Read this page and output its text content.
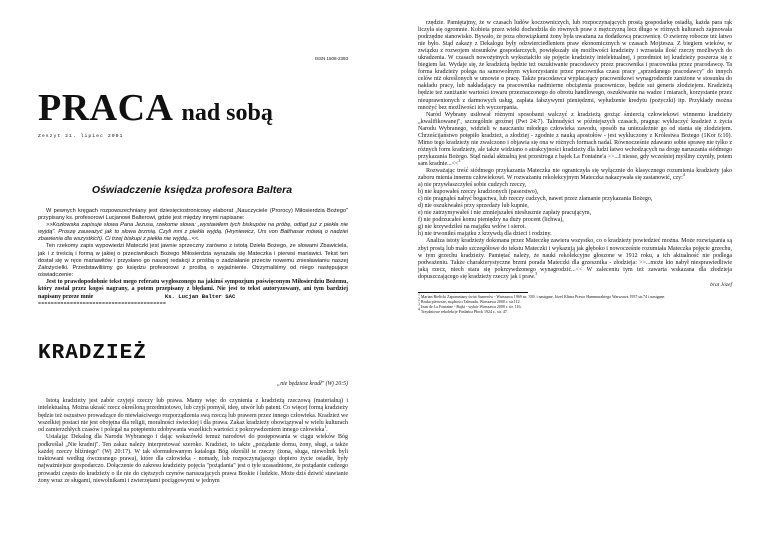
ISSN 1508-2393
PRACA nad sobą
Zeszyt 21. lipiec 2001
Oświadczenie księdza profesora Baltera

W pewnych kręgach rozpowszechniany jest dziesięciostronicowy elaborat „Nauczyciele (Prorocy) Miłosierdzia Bożego" przypisany ks. profesorowi Lucjanowi Balterowi, gdzie jest między innymi napisane:

>>Kozłowska zapisuje słowa Pana Jezusa, rzekome słowa: „wystawiłem tych biskupów na próbę, odtąd już z piekła nie wyjdą". Proszę zauważyć jak to słowa brzmią. Czyli inni z piekła wyjdą. (Hryniewicz, Urs von Balthasar mówią o nadziei zbawienia dla wszystkich). Ci trzej biskupi z piekła nie wyjdą...<<.

Ten rzekomy zapis wypowiedzi Mateczki jest jawnie sprzeczny zarówno z istotą Dzieła Bożego, ze słowami Zbawiciela, jak i z treścią i formą w jakiej o przeciwnikach Bożego Miłosierdzia wyrażała się Mateczka i pierwsi mariawici. Tekst ten dostał się w ręce mariawitów i przysłano go naszej redakcji z prośbą o zadziałanie przeciw nowemu zniesławianiu naszej Założycielki. Przedstawiliśmy go księdzu profesorowi z prośbą o wyjaśnienie. Otrzymaliśmy od niego następujące oświadczenie:

Jest to prawdopodobnie tekst mego referatu wygłoszonego na jakimś sympozjum poświęconym Miłosierdziu Bożemu, który został przez kogoś nagrany, a potem przepisany z błędami. Nie jest to tekst autoryzowany, ani tym bardziej napisany przeze mnie	Ks. Lucjan Balter SAC

========================================
KRADZIEŻ
„nie będziesz kradł" (Wj 20:5)

Istotą kradzieży jest zabór czyjejś rzeczy lub prawa. Mamy więc do czynienia z kradzieżą rzeczową (materialną) i intelektualną. Można ukraść rzecz określoną przedmiotowo, lub czyjś pomysł, ideę, utwór lub patent. Co więcej formą kradzieży będzie też oszustwo prowadzące do niewłaściwego rozporządzenia swą rzeczą lub prawem przez innego człowieka. Kradzież we wszelkiej postaci nie jest obojętna dla religii, moralności świeckiej i dla prawa. Zakaz kradzieży obowiązywał w wielu kulturach od zamierzchłych czasów i polegał na potępieniu zdobywania wszelkich wartości z pokrzywdzeniem innego człowieka$^1$.

Ustalając Dekalog dla Narodu Wybranego i dając wskazówki temuż narodowi do postępowania w ciągu wieków Bóg podkreślał „Nie kradnij". Ten zakaz należy interpretować szeroko. Kradzież, to także „pożądanie domu, żony, sługi, a także każdej rzeczy bliźniego" (Wj 20:17). W tak sformułowanym katalogu Bóg określił te rzeczy (żona, sługa, niewolnik byli traktowani według ówczesnego prawa), które dla człowieka - nomady, lub rozpoczynającego dopiero życie osiadłe, były najważniejsze gospodarczo. Dołączenie do zakresu kradzieży pojęcia "pożądania" jest o tyle uzasadnione, że pożądanie cudzego prowadzi często do kradzieży o ile nie do cięższych czynów naruszających prawa Boskie i ludzkie. Może dziś dziwić stawianie żony wraz ze sługami, niewolnikami i zwierzętami pociągowymi w jednym

rzędzie. Pamiętajmy, że w czasach ludów koczowniczych, lub rozpoczynających prostą gospodarkę osiadłą, każda para rąk liczyła się ogromnie. Kobieta przez wieki dochodziła do równych praw z mężczyzną lecz długo w różnych kulturach zajmowała podrzędne stanowisko. Bywało, że poza obowiązkami żony była uważana za dodatkową pracownicę. O zwierzę robocze też łatwo nie było. Stąd zakazy z Dekalogu były odzwierciedleniem praw ekonomicznych w czasach Mojżesza. Z biegiem wieków, w związku z rozwojem stosunków gospodarczych, powiększały się możliwości kradzieży i wzrastała ilość rzeczy możliwych do ukradzenia. W czasach nowożytnych wykształciło się pojęcie kradzieży intelektualnej, i przedmiot tej kradzieży poszerza się z biegiem lat. Wydaje się, że kradzieżą będzie też oszukiwanie pracodawcy przez pracownika i pracownika przez pracodawcę. Ta forma kradzieży polega na samowolnym wykorzystaniu przez pracownika czasu pracy „sprzedanego pracodawcy" do innych celów niż określonych w umowie o pracę. Także pracodawca wypłacający pracownikowi wynagrodzenie zaniżone w stosunku do nakładu pracy, lub nakładający na pracownika nadmierne obciążenia pracownicze, będzie sui generis złodziejem. Kradzieżą będzie też zaniżanie wartości towaru przeznaczonego do obrotu handlowego, oszukiwanie na wadze i miarach, korzystanie przez nieuprawnionych z darmowych usług, zapłata fałszywymi pieniędzmi, wyłudzenie kredytu (pożyczki) itp. Przykłady można mnożyć bez możliwości ich wyczerpania.

Naród Wybrany usiłował różnymi sposobami walczyć z kradzieżą grożąc śmiercią człowiekowi winnemu kradzieży „kwalifikowanej", szczególnie groźnej (Pwt 24:7). Talmudyści w późniejszych czasach, pragnąc wykluczyć kradzież z życia Narodu Wybranego, widzieli w nauczaniu młodego człowieka zawodu, sposób na uniezależnie go od stania się złodziejem. Chrześcijaństwo potępiło kradzież, a złodziej - zgodnie z nauką apostołów - jest wykluczony z Królestwa Bożego (1Kor 6:10). Mimo tego kradzieży nie zwalczono i objawia się ona w różnych formach nadal. Równocześnie zdawano sobie sprawę nie tylko z różnych form kradzieży, ale także widziano o atrakcyjności kradzieży dla ludzi łatwo wchodzących na drogę naruszania siódmego przykazania Bożego. Stąd nadal aktualną jest przestroga z bajek La Fontaine'a >>...I niesse, gdy wcześniej myśliny czyniły, potem sam kradnie...<<$^3$

Rozważając treść siódmego przykazania Mateczka nie ograniczyła się wyłącznie do klasycznego rozumienia kradzieży jako zaboru mienia innemu człowiekowi. W rozważaniu rekolekcyjnym Mateczka nakazywała się zastanowić, czy:$^4$

a) nie przywłaszczyłeś sobie cudzych rzeczy,

b) nie kupowałeś rzeczy kradzionych (paserstwo),

c) nie pragnąłeś nabyć bogactwa, lub rzeczy cudzych, nawet przez złamanie przykazania Bożego,

d) nie oszukiwałeś przy sprzedaży lub kupnie,

e) nie zatrzymywałeś i nie zmniejszałeś niesłusznie zapłaty pracującym,

f) nie podrzucałeś komu pieniędzy na duży procent (lichwa),

g) nie krzywdziłeś na majątku wdów i sierot.

h) nie trwoniłeś majątku z krzywdą dla dzieci i rodziny.

Analiza istoty kradzieży dokonana przez Mateczkę zawiera wszystko, co o kradzieży powiedzieć można. Może rozwiązania są zbyt prostą lub mało szczegółowe do tekstu Mateczki i wykazują jak głęboko i nowocześnie rozumiała Mateczka pojęcie grzechu, w tym grzechu kradzieży. Pamiętać należy, że nauki rekolekcyjne głoszone w 1912 roku, a ich aktualność nie podlega podważeniu. Także charakterystyczne brzmi porada Mateczki dla grzesznika - złodzieja: >>...może kto nabył niesprawiedliwie jaką rzecz, niech stara się pokrzywdzonego wynagrodzić...<< W zaleceniu tym też zawarta wskazana dla złodzieja dopuszczającego się kradzieży rzeczy jak i praw.$^5$

brat Józef

$^1$ Marian Bielicki Zapomniany świat Sumerów - Warszawa 1969 str. 339, i następne, Józef Klima Prawo Hammurabiego Warszawa 1957 str.74 i następne.

$^2$ Bruka pierwsze, mądrości Talmudu, Warszawa 2000 r. str.112.

$^3$ Jean de La Fontaine - Bajki - wybór Warszawa 2000 r. str. 116.

$^4$ Trzydniowe rekolekcje Posłańca Płock 1924 r., str. 47.
